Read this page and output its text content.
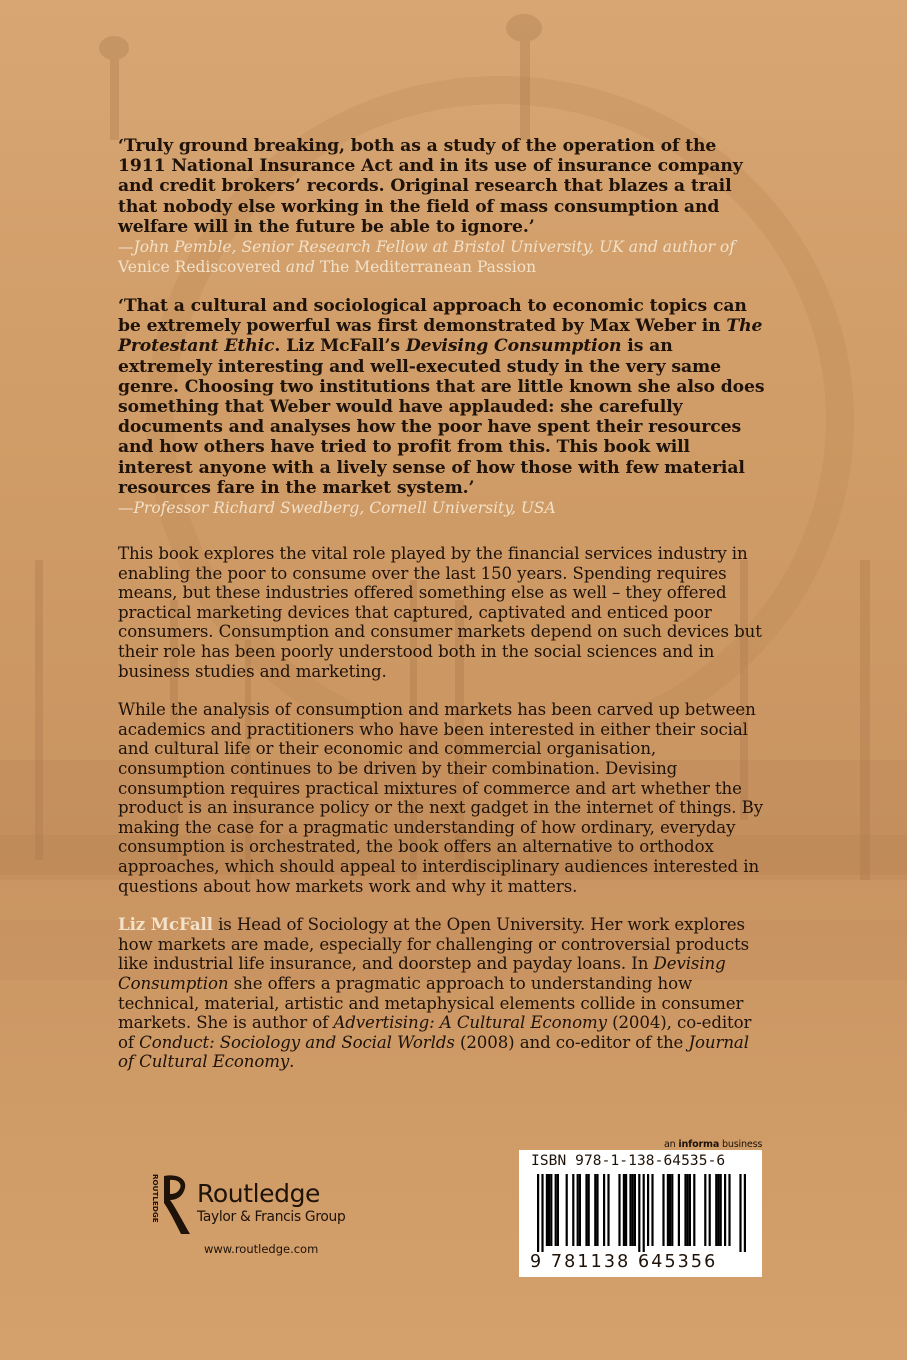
‘Truly ground breaking, both as a study of the operation of the 1911 National Insurance Act and in its use of insurance company and credit brokers’ records. Original research that blazes a trail that nobody else working in the field of mass consumption and welfare will in the future be able to ignore.’

—John Pemble, Senior Research Fellow at Bristol University, UK and author of Venice Rediscovered and The Mediterranean Passion

‘That a cultural and sociological approach to economic topics can be extremely powerful was first demonstrated by Max Weber in The Protestant Ethic. Liz McFall’s Devising Consumption is an extremely interesting and well-executed study in the very same genre. Choosing two institutions that are little known she also does something that Weber would have applauded: she carefully documents and analyses how the poor have spent their resources and how others have tried to profit from this. This book will interest anyone with a lively sense of how those with few material resources fare in the market system.’

—Professor Richard Swedberg, Cornell University, USA

This book explores the vital role played by the financial services industry in enabling the poor to consume over the last 150 years. Spending requires means, but these industries offered something else as well – they offered practical marketing devices that captured, captivated and enticed poor consumers. Consumption and consumer markets depend on such devices but their role has been poorly understood both in the social sciences and in business studies and marketing.

While the analysis of consumption and markets has been carved up between academics and practitioners who have been interested in either their social and cultural life or their economic and commercial organisation, consumption continues to be driven by their combination. Devising consumption requires practical mixtures of commerce and art whether the product is an insurance policy or the next gadget in the internet of things. By making the case for a pragmatic understanding of how ordinary, everyday consumption is orchestrated, the book offers an alternative to orthodox approaches, which should appeal to interdisciplinary audiences interested in questions about how markets work and why it matters.

Liz McFall is Head of Sociology at the Open University. Her work explores how markets are made, especially for challenging or controversial products like industrial life insurance, and doorstep and payday loans. In Devising Consumption she offers a pragmatic approach to understanding how technical, material, artistic and metaphysical elements collide in consumer markets. She is author of Advertising: A Cultural Economy (2004), co-editor of Conduct: Sociology and Social Worlds (2008) and co-editor of the Journal of Cultural Economy.

ROUTLEDGE Routledge
Taylor & Francis Group
www.routledge.com
an informa business
ISBN 978-1-138-64535-6
9 781138 645356
